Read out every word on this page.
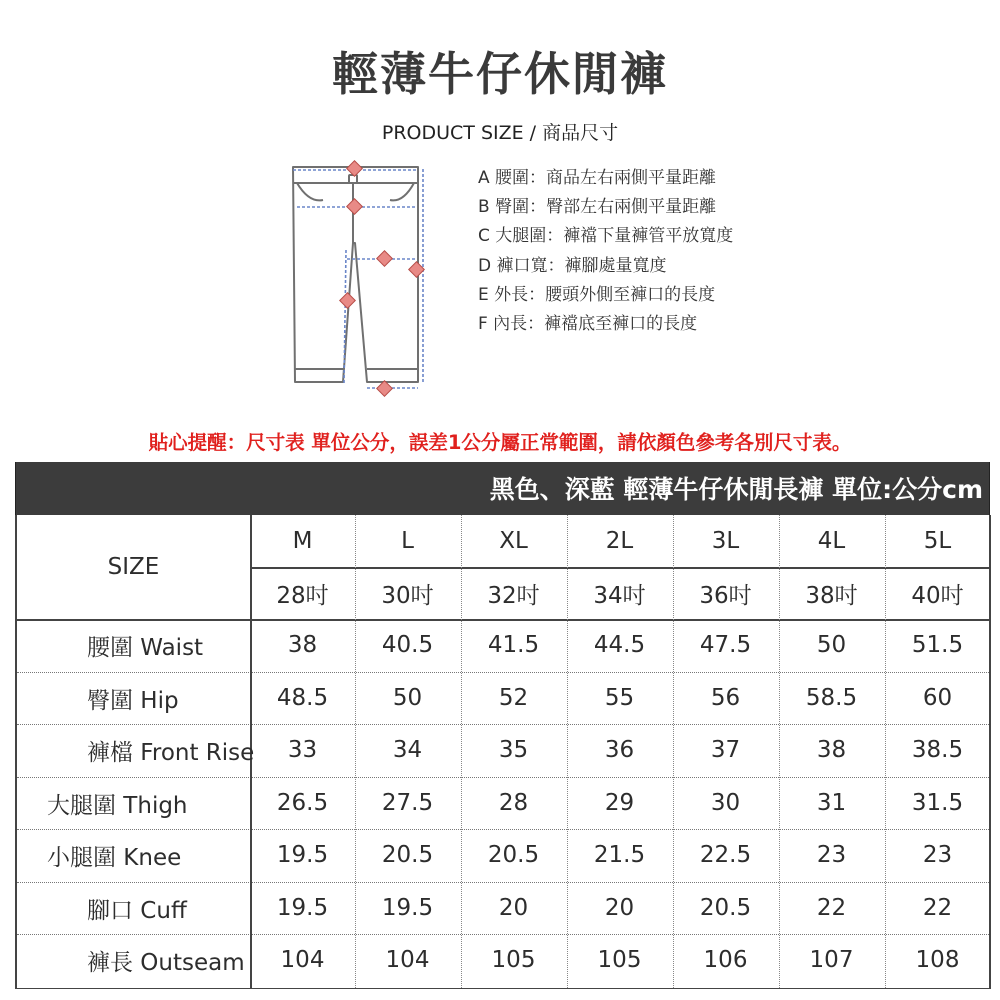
輕薄牛仔休閒褲
PRODUCT SIZE / 商品尺寸
A 腰圍：商品左右兩側平量距離
B 臀圍：臀部左右兩側平量距離
C 大腿圍：褲襠下量褲管平放寬度
D 褲口寬：褲腳處量寬度
E 外長：腰頭外側至褲口的長度
F 內長：褲襠底至褲口的長度
貼心提醒：尺寸表 單位公分，誤差1公分屬正常範圍，請依顏色參考各別尺寸表。
黑色、深藍 輕薄牛仔休閒長褲 單位:公分cm
SIZE
M	L	XL	2L	3L	4L	5L
28吋	30吋	32吋	34吋	36吋	38吋	40吋
腰圍 Waist	38	40.5	41.5	44.5	47.5	50	51.5
臀圍 Hip	48.5	50	52	55	56	58.5	60
褲檔 Front Rise	33	34	35	36	37	38	38.5
大腿圍 Thigh	26.5	27.5	28	29	30	31	31.5
小腿圍 Knee	19.5	20.5	20.5	21.5	22.5	23	23
腳口 Cuff	19.5	19.5	20	20	20.5	22	22
褲長 Outseam	104	104	105	105	106	107	108
